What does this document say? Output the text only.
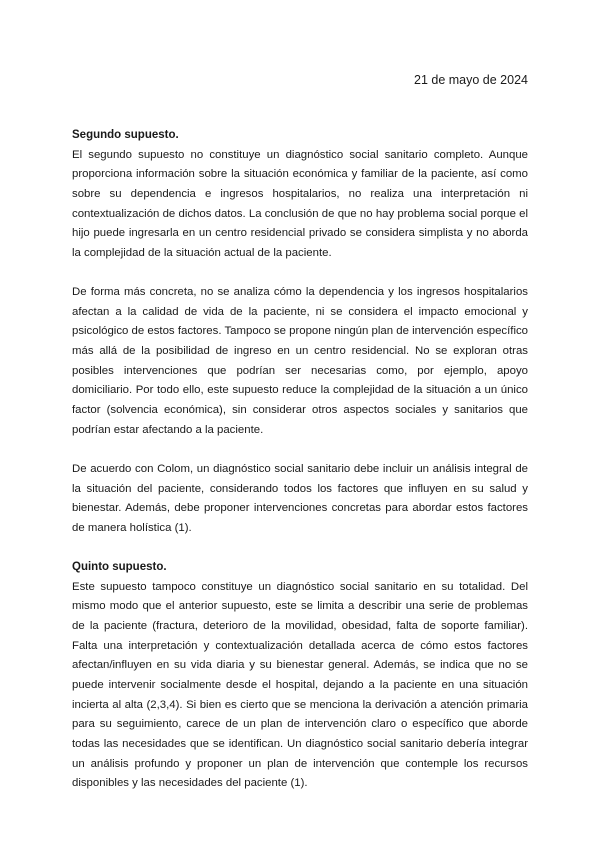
21 de mayo de 2024

Segundo supuesto.

El segundo supuesto no constituye un diagnóstico social sanitario completo. Aunque proporciona información sobre la situación económica y familiar de la paciente, así como sobre su dependencia e ingresos hospitalarios, no realiza una interpretación ni contextualización de dichos datos. La conclusión de que no hay problema social porque el hijo puede ingresarla en un centro residencial privado se considera simplista y no aborda la complejidad de la situación actual de la paciente.

De forma más concreta, no se analiza cómo la dependencia y los ingresos hospitalarios afectan a la calidad de vida de la paciente, ni se considera el impacto emocional y psicológico de estos factores. Tampoco se propone ningún plan de intervención específico más allá de la posibilidad de ingreso en un centro residencial. No se exploran otras posibles intervenciones que podrían ser necesarias como, por ejemplo, apoyo domiciliario. Por todo ello, este supuesto reduce la complejidad de la situación a un único factor (solvencia económica), sin considerar otros aspectos sociales y sanitarios que podrían estar afectando a la paciente.

De acuerdo con Colom, un diagnóstico social sanitario debe incluir un análisis integral de la situación del paciente, considerando todos los factores que influyen en su salud y bienestar. Además, debe proponer intervenciones concretas para abordar estos factores de manera holística (1).

Quinto supuesto.

Este supuesto tampoco constituye un diagnóstico social sanitario en su totalidad. Del mismo modo que el anterior supuesto, este se limita a describir una serie de problemas de la paciente (fractura, deterioro de la movilidad, obesidad, falta de soporte familiar). Falta una interpretación y contextualización detallada acerca de cómo estos factores afectan/influyen en su vida diaria y su bienestar general. Además, se indica que no se puede intervenir socialmente desde el hospital, dejando a la paciente en una situación incierta al alta (2,3,4). Si bien es cierto que se menciona la derivación a atención primaria para su seguimiento, carece de un plan de intervención claro o específico que aborde todas las necesidades que se identifican. Un diagnóstico social sanitario debería integrar un análisis profundo y proponer un plan de intervención que contemple los recursos disponibles y las necesidades del paciente (1).
